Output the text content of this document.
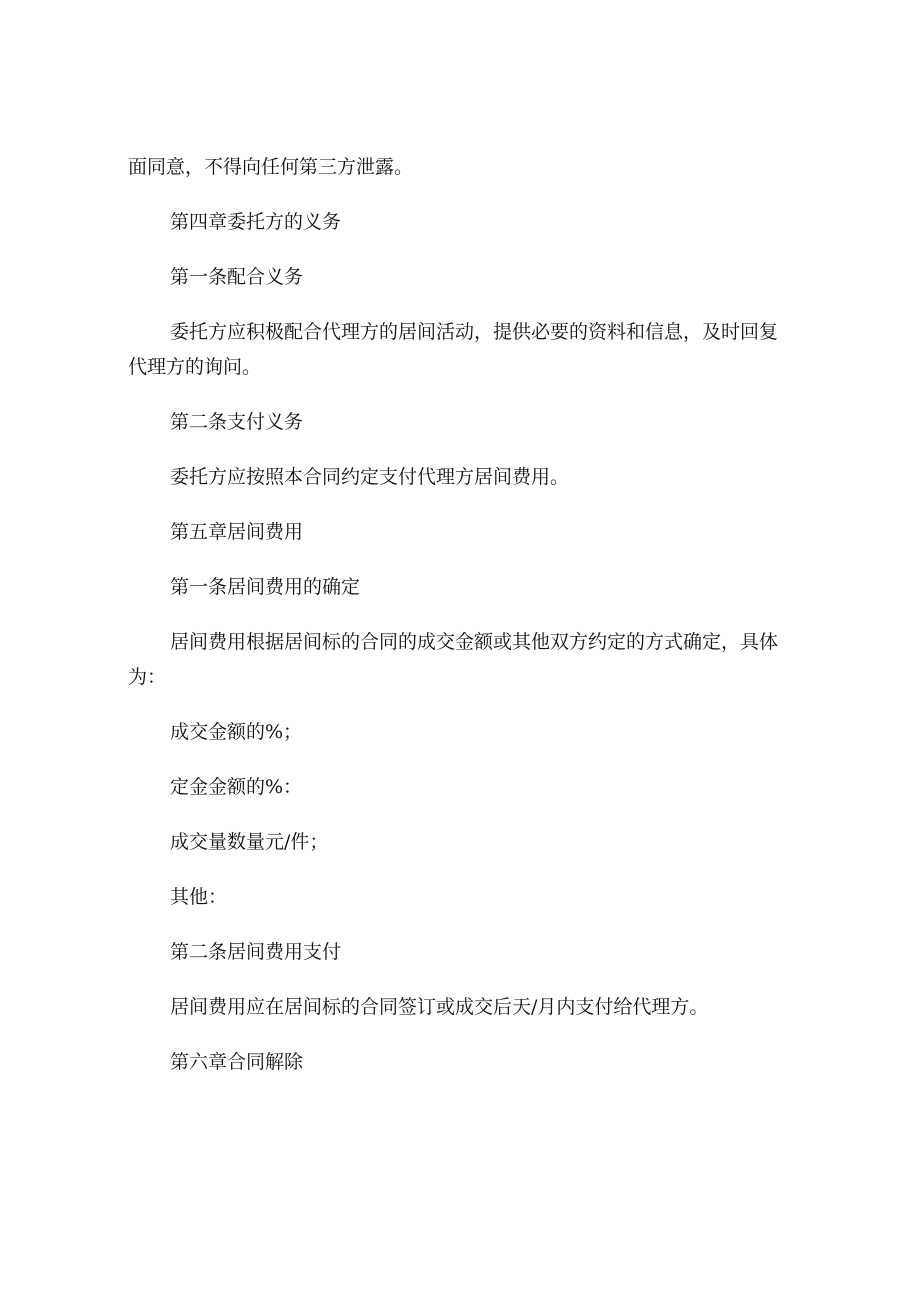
面同意，不得向任何第三方泄露。

第四章委托方的义务

第一条配合义务

委托方应积极配合代理方的居间活动，提供必要的资料和信息，及时回复代理方的询问。

第二条支付义务

委托方应按照本合同约定支付代理方居间费用。

第五章居间费用

第一条居间费用的确定

居间费用根据居间标的合同的成交金额或其他双方约定的方式确定，具体为：

成交金额的%；

定金金额的%：

成交量数量元/件；

其他：

第二条居间费用支付

居间费用应在居间标的合同签订或成交后天/月内支付给代理方。

第六章合同解除
